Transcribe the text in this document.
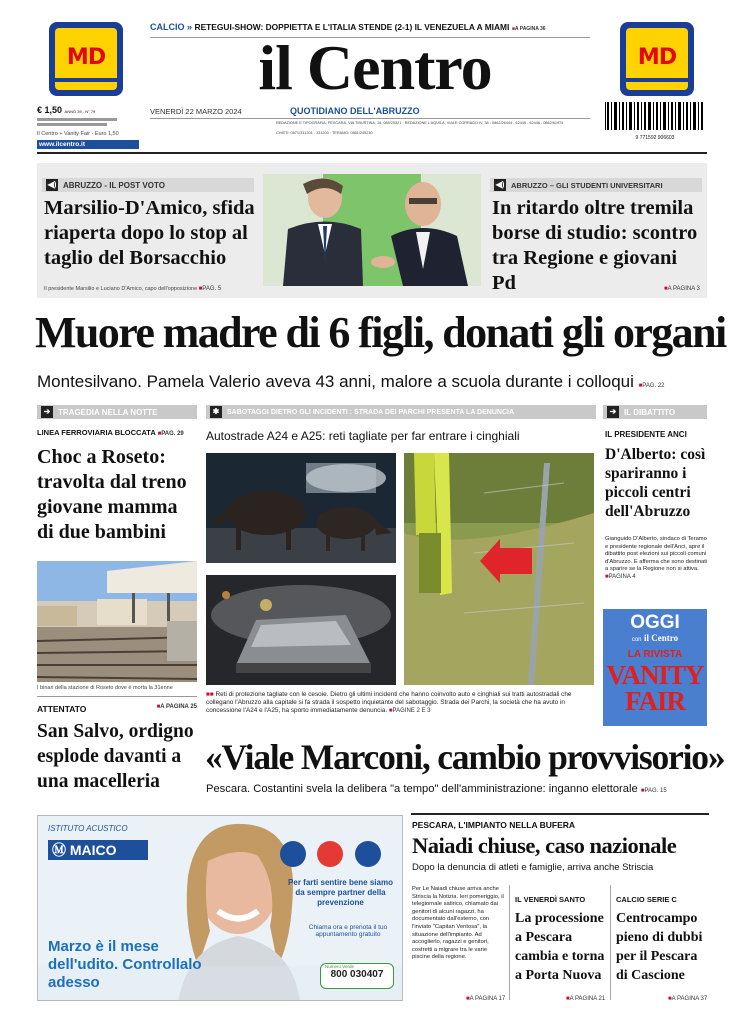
MD	MD
CALCIO » RETEGUI-SHOW: DOPPIETTA E L'ITALIA STENDE (2-1) IL VENEZUELA A MIAMI ■ A PAGINA 36
il Centro
VENERDÌ 22 MARZO 2024	QUOTIDIANO DELL'ABRUZZO
REDAZIONE E TIPOGRAFIA: PESCARA, VIA TIBURTINA, 16, 085/20521 · REDAZIONE L'AQUILA, VIALE CORRADO IV, 38 - 0862/26444 - 62445 - 62446 - 0862/61974
CHIETI: 0871/331201 - 331200 · TERAMO: 0861/245230
€ 1,50 ANNO 39 - N° 79
Il Centro + Vanity Fair - Euro 1,50
www.ilcentro.it
9 771592 906603
◀) ABRUZZO - IL POST VOTO
Marsilio-D'Amico, sfida riaperta dopo lo stop al taglio del Borsacchio
Il presidente Marsilio e Luciano D'Amico, capo dell'opposizione ■ PAG. 5
◀) ABRUZZO – GLI STUDENTI UNIVERSITARI
In ritardo oltre tremila borse di studio: scontro tra Regione e giovani Pd	■ A PAGINA 3
Muore madre di 6 figli, donati gli organi
Montesilvano. Pamela Valerio aveva 43 anni, malore a scuola durante i colloqui ■ PAG. 22
➔ TRAGEDIA NELLA NOTTE
LINEA FERROVIARIA BLOCCATA ■ PAG. 29
Choc a Roseto: travolta dal treno giovane mamma di due bambini
I binari della stazione di Roseto dove è morta la 31enne
ATTENTATO	■ A PAGINA 25
San Salvo, ordigno esplode davanti a una macelleria
✱	SABOTAGGI DIETRO GLI INCIDENTI : STRADA DEI PARCHI PRESENTA LA DENUNCIA
Autostrade A24 e A25: reti tagliate per far entrare i cinghiali
■■ Reti di protezione tagliate con le cesoie. Dietro gli ultimi incidenti che hanno coinvolto auto e cinghiali sui tratti autostradali che collegano l'Abruzzo alla capitale si fa strada il sospetto inquietante del sabotaggio. Strada dei Parchi, la società che ha avuto in concessione l'A24 e l'A25, ha sporto immediatamente denuncia. ■ PAGINE 2 E 3
«Viale Marconi, cambio provvisorio»
Pescara. Costantini svela la delibera "a tempo" dell'amministrazione: inganno elettorale ■ PAG. 15
➔ IL DIBATTITO
IL PRESIDENTE ANCI
D'Alberto: così spariranno i piccoli centri dell'Abruzzo
Gianguido D'Alberto, sindaco di Teramo e presidente regionale dell'Anci, apre il dibattito post elezioni sui piccoli comuni d'Abruzzo. E afferma che sono destinati a sparire se la Regione non si attiva. ■ PAGINA 4
OGGI
con il Centro
LA RIVISTA
VANITY FAIR
ISTITUTO ACUSTICO
Ⓜ MAICO
Per farti sentire bene siamo da sempre partner della prevenzione
Marzo è il mese dell'udito. Controllalo adesso
Chiama ora e prenota il tuo appuntamento gratuito
Numero Verde
800 030407
PESCARA, L'IMPIANTO NELLA BUFERA
Naiadi chiuse, caso nazionale
Dopo la denuncia di atleti e famiglie, arriva anche Striscia
Per Le Naiadi chiuse arriva anche Striscia la Notizia. Ieri pomeriggio, il telegiornale satirico, chiamato dai genitori di alcuni ragazzi, ha documentato dall'esterno, con l'inviato "Capitan Ventosa", la situazione dell'impianto. Ad accoglierlo, ragazzi e genitori, costretti a migrare tra le varie piscine della regione.
■ A PAGINA 17
IL VENERDÌ SANTO
La processione a Pescara cambia e torna a Porta Nuova
■ A PAGINA 21
CALCIO SERIE C
Centrocampo pieno di dubbi per il Pescara di Cascione
■ A PAGINA 37
